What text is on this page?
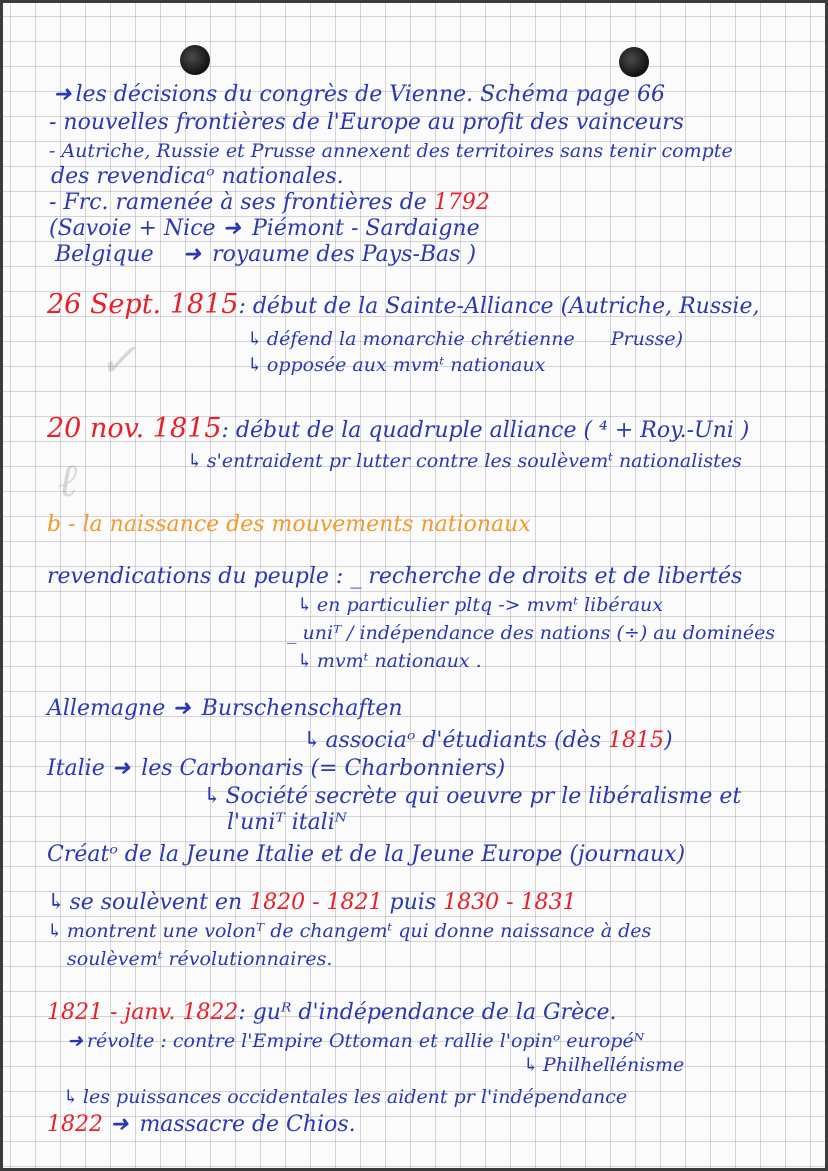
✓
ℓ
➜ les décisions du congrès de Vienne. Schéma page 66
- nouvelles frontières de l'Europe au profit des vainceurs
- Autriche, Russie et Prusse annexent des territoires sans tenir compte
des revendicaᵒ nationales.
- Frc. ramenée à ses frontières de 1792
(Savoie + Nice ➜ Piémont - Sardaigne
Belgique ➜ royaume des Pays-Bas )
26 Sept. 1815: début de la Sainte-Alliance (Autriche, Russie,
↳ défend la monarchie chrétienne Prusse)
↳ opposée aux mvmᵗ nationaux
20 nov. 1815: début de la quadruple alliance ( ⁴ + Roy.-Uni )
↳ s'entraident pr lutter contre les soulèvemᵗ nationalistes
b - la naissance des mouvements nationaux
revendications du peuple : _ recherche de droits et de libertés
↳ en particulier pltq -> mvmᵗ libéraux
_ uniᵀ / indépendance des nations (÷) au dominées
↳ mvmᵗ nationaux .
Allemagne ➜ Burschenschaften
↳ associaᵒ d'étudiants (dès 1815)
Italie ➜ les Carbonaris (= Charbonniers)
↳ Société secrète qui oeuvre pr le libéralisme et
l'uniᵀ italiᴺ
Créatᵒ de la Jeune Italie et de la Jeune Europe (journaux)
↳ se soulèvent en 1820 - 1821 puis 1830 - 1831
↳ montrent une volonᵀ de changemᵗ qui donne naissance à des
soulèvemᵗ révolutionnaires.
1821 - janv. 1822: guᴿ d'indépendance de la Grèce.
➜ révolte : contre l'Empire Ottoman et rallie l'opinᵒ européᴺ
↳ Philhellénisme
↳ les puissances occidentales les aident pr l'indépendance
1822 ➜ massacre de Chios.
